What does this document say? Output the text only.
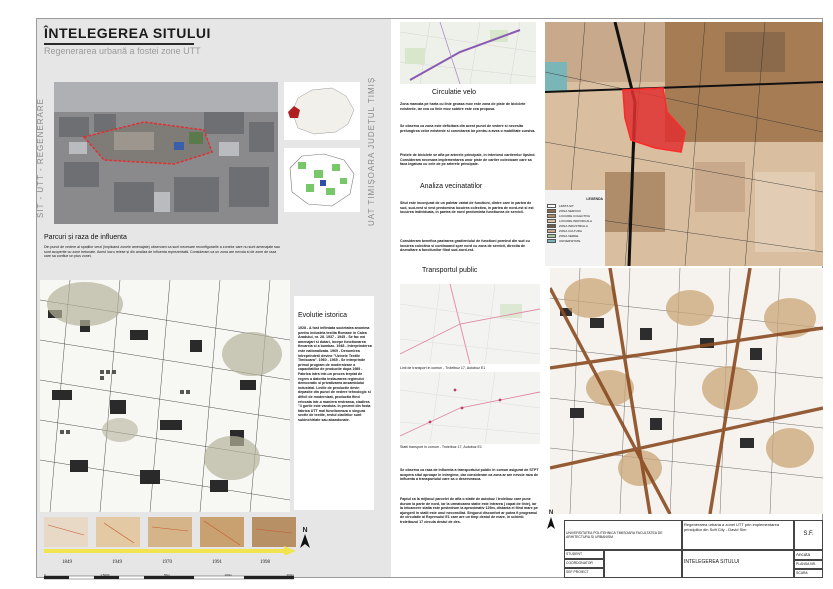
ÎNTELEGEREA SITULUI
Regenerarea urbană a fostei zone UTT
SIT - UTT - REGENERARE	UAT TIMIȘOARA JUDEȚUL TIMIȘ
Parcuri și raza de influenta
Din punct de vedere al spațiilor verzi (implicand zonele amenajate) observam ca sunt necesare reconfigurarile a zonelor care nu sunt amenajate sau sunt acoperite cu zone betonate. Acest lucru reiese și din analiza de influenta reprezentată. Consideram ca un zona are nevoia si de zone de raza care sa conflue un plus zonei.
Evolutie istorica
1928 - A fost infiintata societatea anonima pentru industria textila Romane in Calea Aradului, nr. 28. 1937 - 1945 - Se fac noi amenajari si dotari, incepe functionarea fiecareia si a bumbac. 1948 - Intreprinderea este nationalizata. 1969 - Denumirea intreprinderii devine "Uzinele Textile Timisoara". 1960 - 1965 - Se intreprinde primul program de modernizare a capacitatilor de productie dupa 1989 - Fabrica intra intr-un proces treptat de regres a datorita instaurarea regimului democratic si privatizarea ansamblului industrial. Liniile de productie devin depasite din punct de vedere tehnologic si dificil de modernizat, productia fiind relocata intr-o maniera restransa, cladirea "4 gurile este vanduta. In prezent din fosta fabrica UTT mai functioneaza o singura sectie de textile, restul cladirilor sunt subinchiriate sau abandonate.
1849	1949	1970	1991	1998
0	1:5000	50m	100m	200m
N
Circulatie velo
Zona marcata pe harta cu linie groasa mov este zona de piste de biciclete existente, iar cea cu linie mov subtire este cea propusa.
Se observa ca zona este deficitara din acest punct de vedere si necesita prelungirea celor existente si conectarea lor pentru a avea o mobilitate cursiva.
Pistele de biciclete se afla pe arterele principale, in interiorul cartierelor lipsind. Consideram necesara implementarea unor piste de cartier colectoare care sa faca legatura cu cele de pe arterele principale.
Analiza vecinatatilor
Situl este inconjurat de un paletar variat de functiuni, dintre care in partea de sud, sud-vest si vest predomina locuirea colectiva, in partea de nord-est si est locuirea individuala, in partea de nord predominta functiunea de servicii.
Consideram benefica pastrarea gradientului de functiuni pornind din sud cu locuirea colectiva si continuand spre nord cu zona de servicii, directia de dezvoltare a functiunilor fiind sud-nord-est.
LEGENDA
LIMITA SIT
ZONA SERVICII
LOCUIRE COLECTIVA
LOCUIRE INDIVIDUALA
ZONA INDUSTRIALA
ZONA CULTURA
ZONA VERDE
UNIVERSITATE
Transportul public
Linii de transport in comun - Troleibuz 17, Autobuz E1
Statii transport in comun - Troleibuz 17, Autobuz E1
Se observa ca raza de influenta a transportului public in comun asigurat de STPT acopera situl aproape in intregime, dar consideram ca zona ar are nevoie raza de influenta a transportului care sa o deserveasca.
Faptul ca la mijlocul parcelei de afla o statie de autobuz / troleibuz care pune durum la parte de nord, iar la urmatoarea statie este intrarea ( capat de linie), iar la intoarcere statia este pestedrum la aproximativ 125m, distanta ei fiind mare pe ajungerii in statii este unul neconsiliat. Singurul disconfort ar putea fi programul de circulatie al Expresului E1 care are un timp destul de mare, in schimb troleibuzul 17 circula destul de des.
N
UNIVERSITATEA POLITEHNICA TIMISOARA FACULTATEA DE ARHITECTURA SI URBANISM
Regenerarea urbana a zonei UTT prin implementarea principiilor din Soft City - David Sim
S.F.
STUDENT
COORDONATOR
SEF PROIECT
INTELEGEREA SITULUI
Ancuta
PLANSA NR.
SCARA
